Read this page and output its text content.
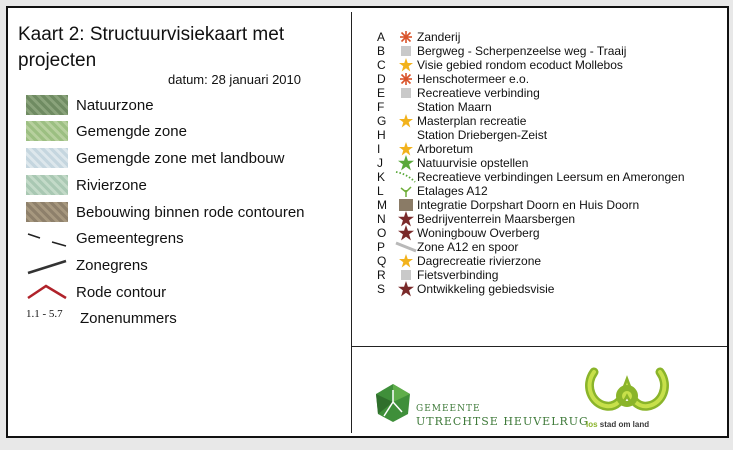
Kaart 2: Structuurvisiekaart met projecten
datum: 28 januari 2010
Natuurzone
Gemengde zone
Gemengde zone met landbouw
Rivierzone
Bebouwing binnen rode contouren
Gemeentegrens
Zonegrens
Rode contour
1.1 - 5.7	Zonenummers
A	Zanderij
B	Bergweg - Scherpenzeelse weg - Traaij
C	Visie gebied rondom ecoduct Mollebos
D	Henschotermeer e.o.
E	Recreatieve verbinding
F	Station Maarn
G	Masterplan recreatie
H	Station Driebergen-Zeist
I	Arboretum
J	Natuurvisie opstellen
K	Recreatieve verbindingen Leersum en Amerongen
L	Etalages A12
M	Integratie Dorpshart Doorn en Huis Doorn
N	Bedrijventerrein Maarsbergen
O	Woningbouw Overberg
P	Zone A12 en spoor
Q	Dagrecreatie rivierzone
R	Fietsverbinding
S	Ontwikkeling gebiedsvisie
GEMEENTE
UTRECHTSE HEUVELRUG
los stad om land
